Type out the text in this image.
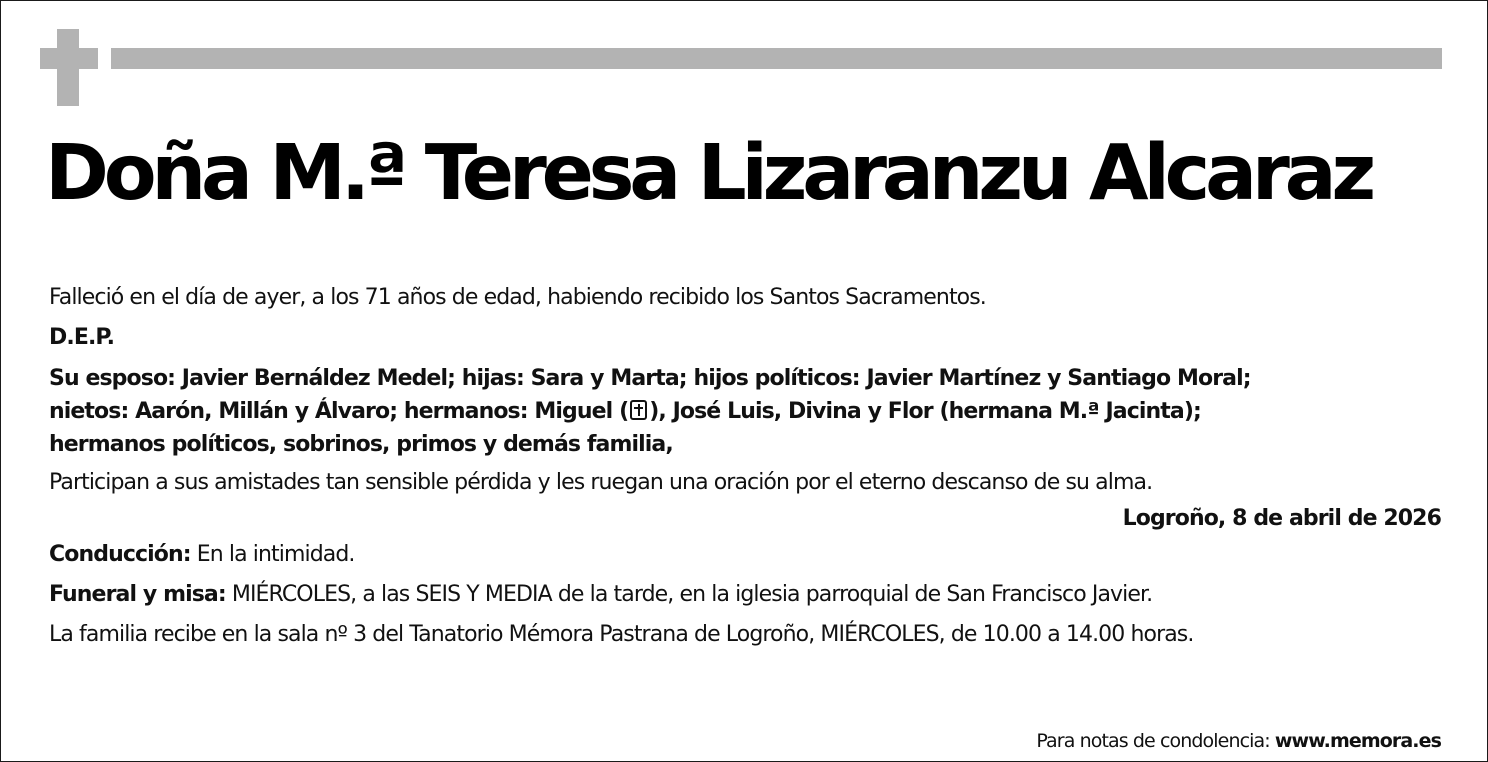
Doña M.ª Teresa Lizaranzu Alcaraz
Falleció en el día de ayer, a los 71 años de edad, habiendo recibido los Santos Sacramentos.
D.E.P.
Su esposo: Javier Bernáldez Medel; hijas: Sara y Marta; hijos políticos: Javier Martínez y Santiago Moral;
nietos: Aarón, Millán y Álvaro; hermanos: Miguel ( ), José Luis, Divina y Flor (hermana M.ª Jacinta);
hermanos políticos, sobrinos, primos y demás familia,
Participan a sus amistades tan sensible pérdida y les ruegan una oración por el eterno descanso de su alma.
Logroño, 8 de abril de 2026
Conducción: En la intimidad.
Funeral y misa: MIÉRCOLES, a las SEIS Y MEDIA de la tarde, en la iglesia parroquial de San Francisco Javier.
La familia recibe en la sala nº 3 del Tanatorio Mémora Pastrana de Logroño, MIÉRCOLES, de 10.00 a 14.00 horas.
Para notas de condolencia: www.memora.es
